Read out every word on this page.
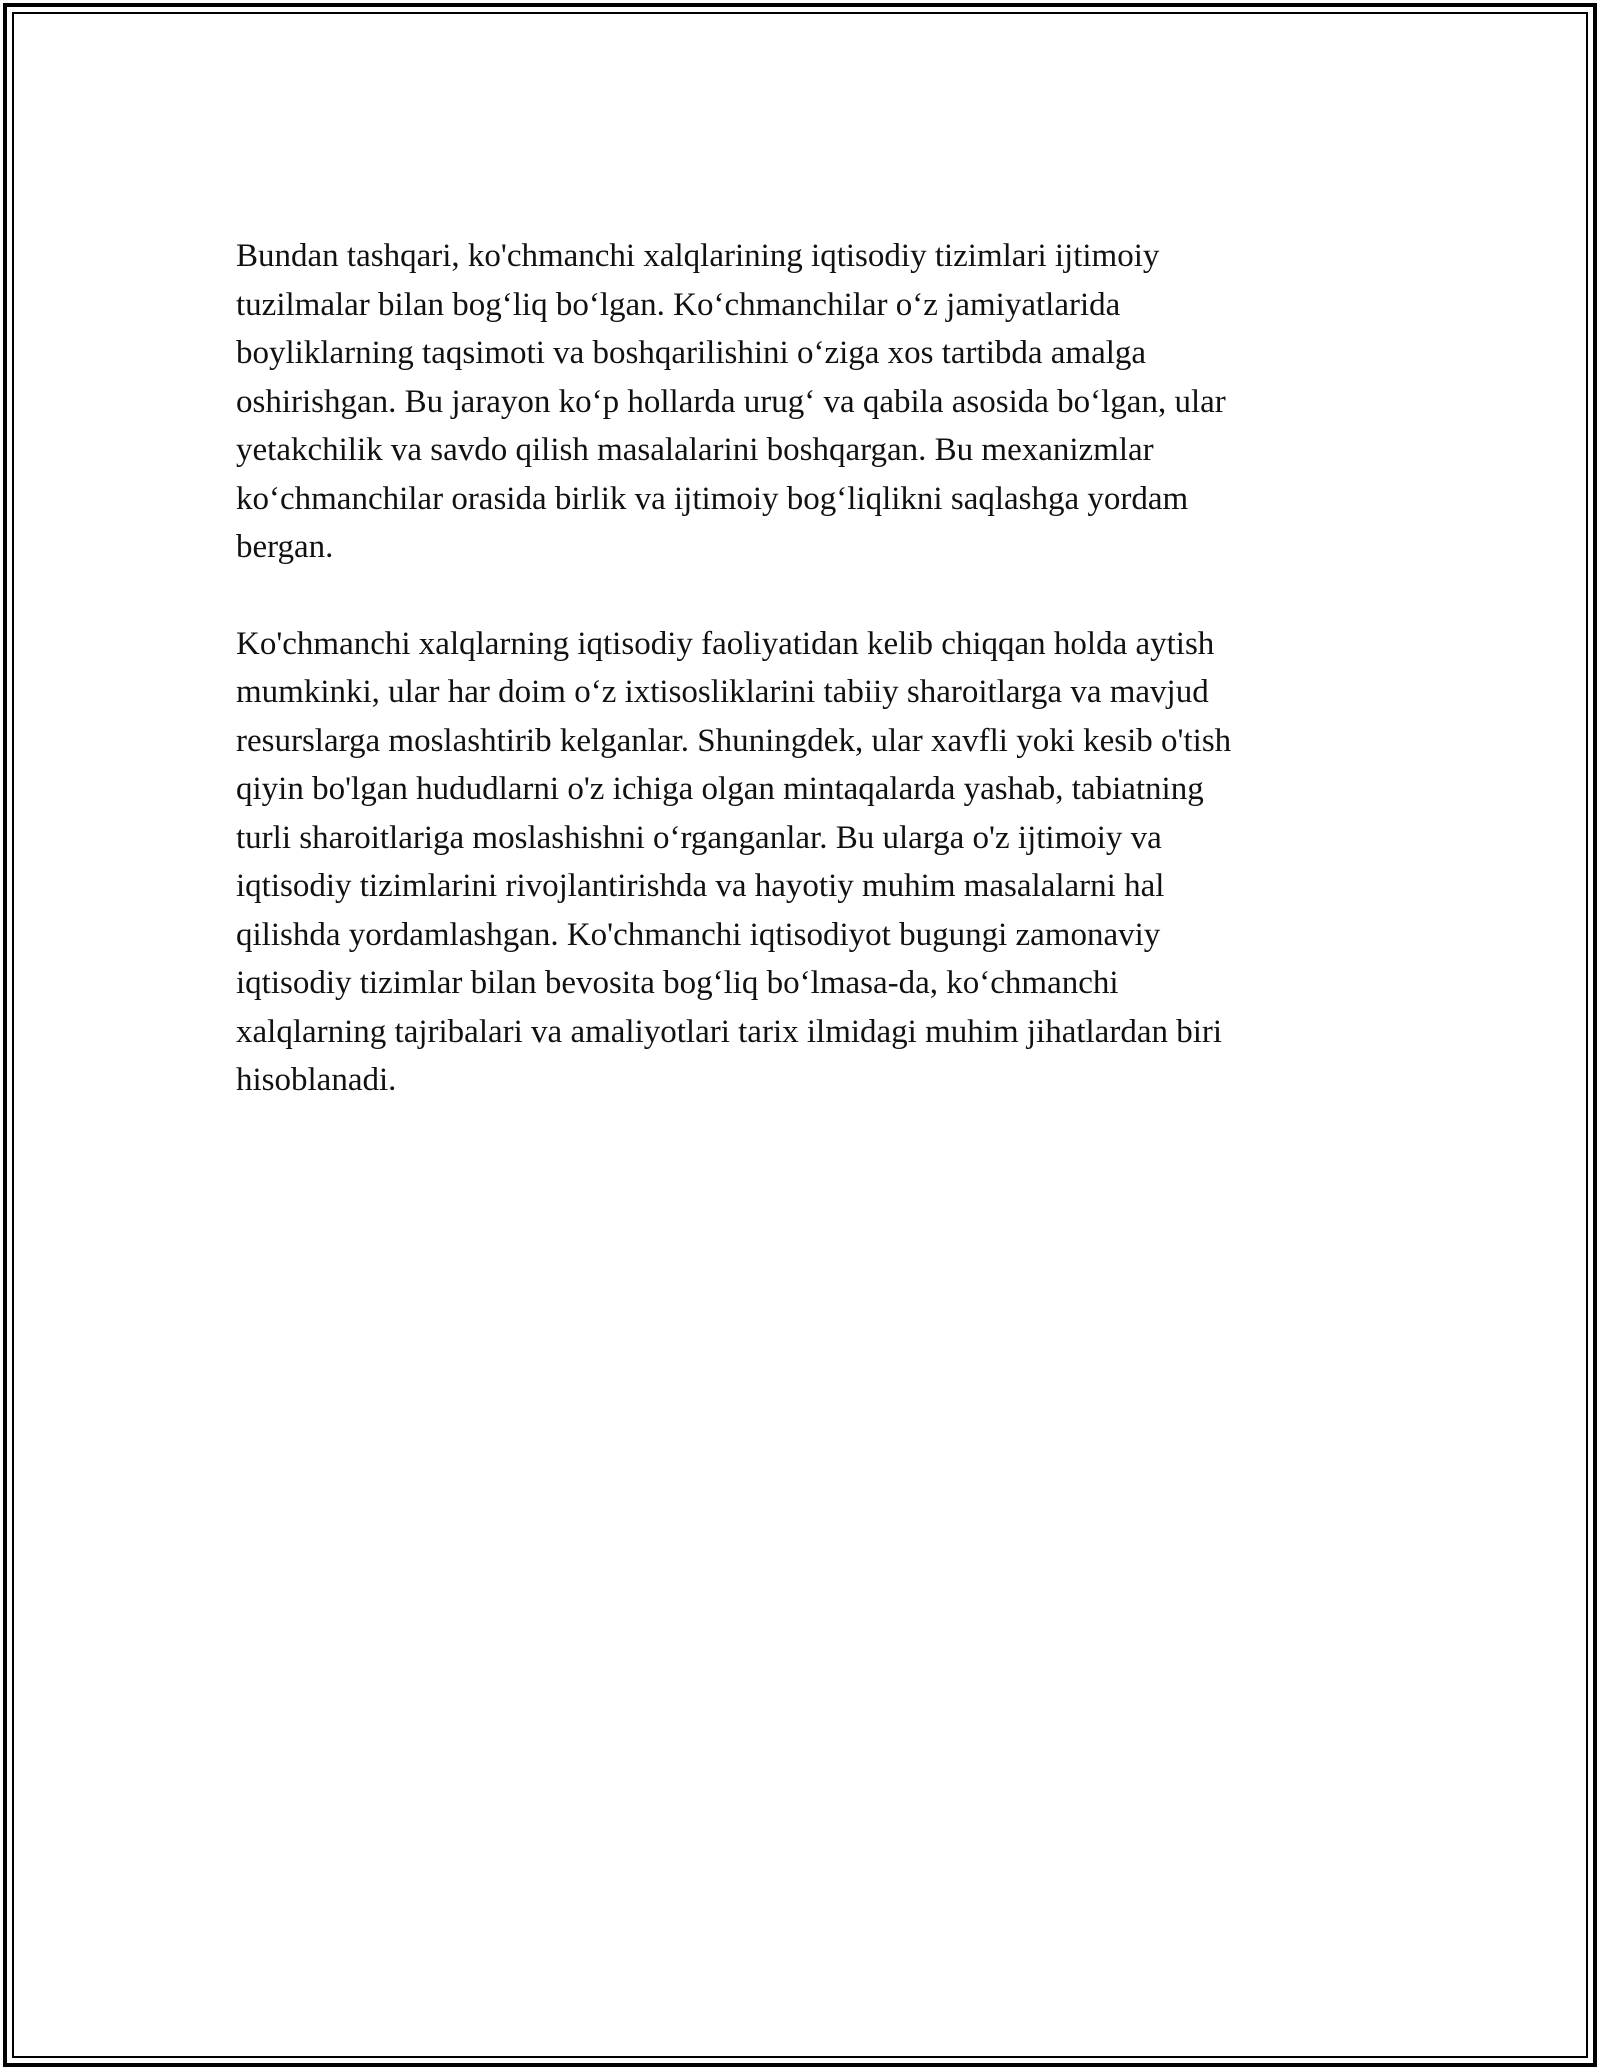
Bundan tashqari, ko'chmanchi xalqlarining iqtisodiy tizimlari ijtimoiy
tuzilmalar bilan bog‘liq bo‘lgan. Ko‘chmanchilar o‘z jamiyatlarida
boyliklarning taqsimoti va boshqarilishini o‘ziga xos tartibda amalga
oshirishgan. Bu jarayon ko‘p hollarda urug‘ va qabila asosida bo‘lgan, ular
yetakchilik va savdo qilish masalalarini boshqargan. Bu mexanizmlar
ko‘chmanchilar orasida birlik va ijtimoiy bog‘liqlikni saqlashga yordam
bergan.

Ko'chmanchi xalqlarning iqtisodiy faoliyatidan kelib chiqqan holda aytish
mumkinki, ular har doim o‘z ixtisosliklarini tabiiy sharoitlarga va mavjud
resurslarga moslashtirib kelganlar. Shuningdek, ular xavfli yoki kesib o'tish
qiyin bo'lgan hududlarni o'z ichiga olgan mintaqalarda yashab, tabiatning
turli sharoitlariga moslashishni o‘rganganlar. Bu ularga o'z ijtimoiy va
iqtisodiy tizimlarini rivojlantirishda va hayotiy muhim masalalarni hal
qilishda yordamlashgan. Ko'chmanchi iqtisodiyot bugungi zamonaviy
iqtisodiy tizimlar bilan bevosita bog‘liq bo‘lmasa-da, ko‘chmanchi
xalqlarning tajribalari va amaliyotlari tarix ilmidagi muhim jihatlardan biri
hisoblanadi.
